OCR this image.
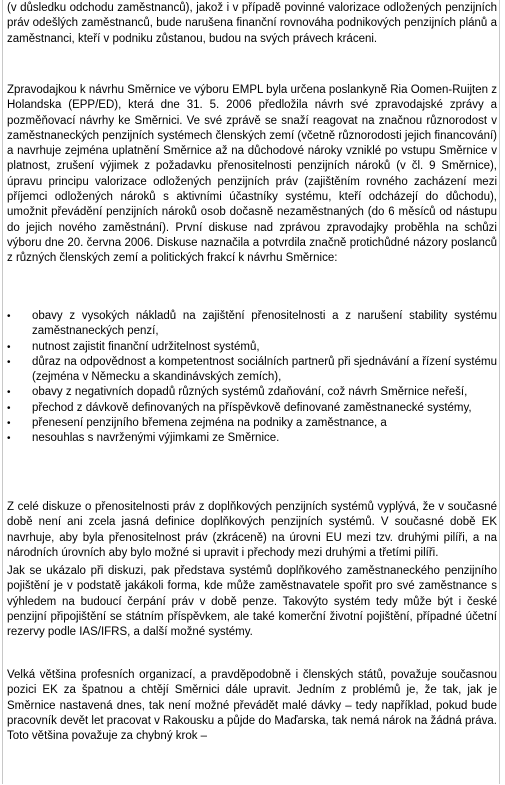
(v důsledku odchodu zaměstnanců), jakož i v případě povinné valorizace odložených penzijních práv odešlých zaměstnanců, bude narušena finanční rovnováha podnikových penzijních plánů a zaměstnanci, kteří v podniku zůstanou, budou na svých právech kráceni.

Zpravodajkou k návrhu Směrnice ve výboru EMPL byla určena poslankyně Ria Oomen-Ruijten z Holandska (EPP/ED), která dne 31. 5. 2006 předložila návrh své zpravodajské zprávy a pozměňovací návrhy ke Směrnici. Ve své zprávě se snaží reagovat na značnou různorodost v zaměstnaneckých penzijních systémech členských zemí (včetně různorodosti jejich financování) a navrhuje zejména uplatnění Směrnice až na důchodové nároky vzniklé po vstupu Směrnice v platnost, zrušení výjimek z požadavku přenositelnosti penzijních nároků (v čl. 9 Směrnice), úpravu principu valorizace odložených penzijních práv (zajištěním rovného zacházení mezi příjemci odložených nároků s aktivními účastníky systému, kteří odcházejí do důchodu), umožnit převádění penzijních nároků osob dočasně nezaměstnaných (do 6 měsíců od nástupu do jejich nového zaměstnání). První diskuse nad zprávou zpravodajky proběhla na schůzi výboru dne 20. června 2006. Diskuse naznačila a potvrdila značně protichůdné názory poslanců z různých členských zemí a politických frakcí k návrhu Směrnice:

• obavy z vysokých nákladů na zajištění přenositelnosti a z narušení stability systému zaměstnaneckých penzí,
• nutnost zajistit finanční udržitelnost systémů,
• důraz na odpovědnost a kompetentnost sociálních partnerů při sjednávání a řízení systému (zejména v Německu a skandinávských zemích),
• obavy z negativních dopadů různých systémů zdaňování, což návrh Směrnice neřeší,
• přechod z dávkově definovaných na příspěvkově definované zaměstnanecké systémy,
• přenesení penzijního břemena zejména na podniky a zaměstnance, a
• nesouhlas s navrženými výjimkami ze Směrnice.

Z celé diskuze o přenositelnosti práv z doplňkových penzijních systémů vyplývá, že v současné době není ani zcela jasná definice doplňkových penzijních systémů. V současné době EK navrhuje, aby byla přenositelnost práv (zkráceně) na úrovni EU mezi tzv. druhými pilíři, a na národních úrovních aby bylo možné si upravit i přechody mezi druhými a třetími pilíři.

Jak se ukázalo při diskuzi, pak představa systémů doplňkového zaměstnaneckého penzijního pojištění je v podstatě jakákoli forma, kde může zaměstnavatele spořit pro své zaměstnance s výhledem na budoucí čerpání práv v době penze. Takovýto systém tedy může být i české penzijní připojištění se státním příspěvkem, ale také komerční životní pojištění, případné účetní rezervy podle IAS/IFRS, a další možné systémy.

Velká většina profesních organizací, a pravděpodobně i členských států, považuje současnou pozici EK za špatnou a chtějí Směrnici dále upravit. Jedním z problémů je, že tak, jak je Směrnice nastavená dnes, tak není možné převádět malé dávky – tedy například, pokud bude pracovník devět let pracovat v Rakousku a půjde do Maďarska, tak nemá nárok na žádná práva. Toto většina považuje za chybný krok –
